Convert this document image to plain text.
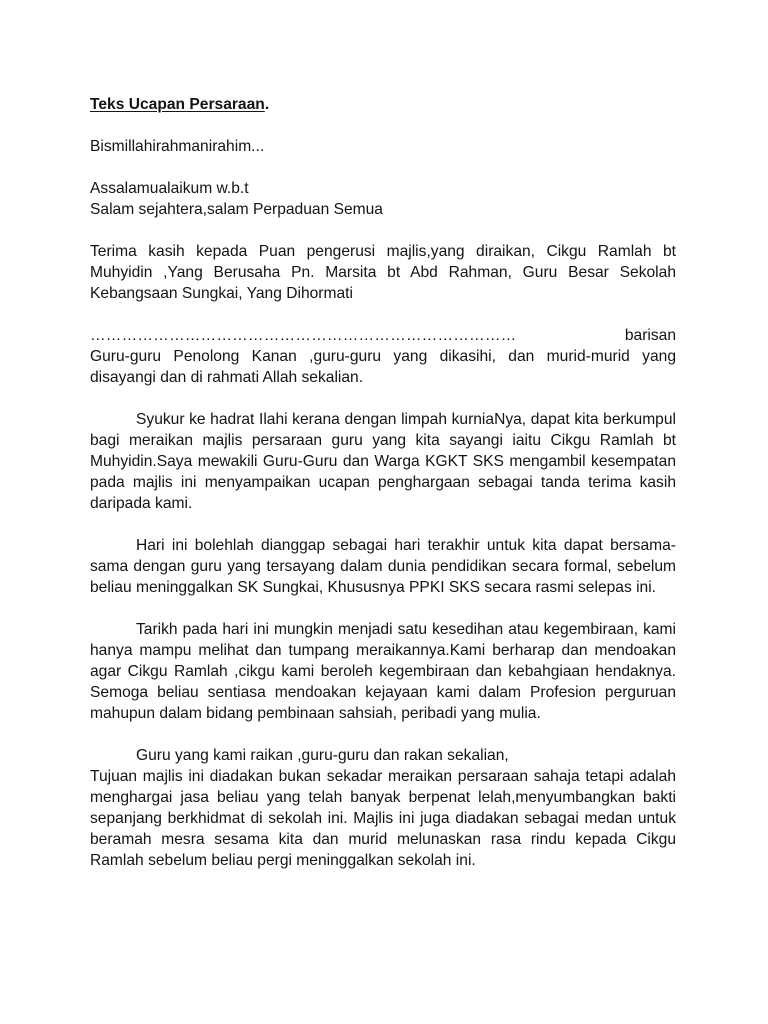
Teks Ucapan Persaraan.

Bismillahirahmanirahim...

Assalamualaikum w.b.t

Salam sejahtera,salam Perpaduan Semua

Terima kasih kepada Puan pengerusi majlis,yang diraikan, Cikgu Ramlah bt Muhyidin ,Yang Berusaha Pn. Marsita bt Abd Rahman, Guru Besar Sekolah Kebangsaan Sungkai, Yang Dihormati

………………………………………………………………………	barisan

Guru-guru Penolong Kanan ,guru-guru yang dikasihi, dan murid-murid yang disayangi dan di rahmati Allah sekalian.

Syukur ke hadrat Ilahi kerana dengan limpah kurniaNya, dapat kita berkumpul bagi meraikan majlis persaraan guru yang kita sayangi iaitu Cikgu Ramlah bt Muhyidin.Saya mewakili Guru-Guru dan Warga KGKT SKS mengambil kesempatan pada majlis ini menyampaikan ucapan penghargaan sebagai tanda terima kasih daripada kami.

Hari ini bolehlah dianggap sebagai hari terakhir untuk kita dapat bersama-sama dengan guru yang tersayang dalam dunia pendidikan secara formal, sebelum beliau meninggalkan SK Sungkai, Khususnya PPKI SKS secara rasmi selepas ini.

Tarikh pada hari ini mungkin menjadi satu kesedihan atau kegembiraan, kami hanya mampu melihat dan tumpang meraikannya.Kami berharap dan mendoakan agar Cikgu Ramlah ,cikgu kami beroleh kegembiraan dan kebahgiaan hendaknya. Semoga beliau sentiasa mendoakan kejayaan kami dalam Profesion perguruan mahupun dalam bidang pembinaan sahsiah, peribadi yang mulia.

Guru yang kami raikan ,guru-guru dan rakan sekalian,

Tujuan majlis ini diadakan bukan sekadar meraikan persaraan sahaja tetapi adalah menghargai jasa beliau yang telah banyak berpenat lelah,menyumbangkan bakti sepanjang berkhidmat di sekolah ini. Majlis ini juga diadakan sebagai medan untuk beramah mesra sesama kita dan murid melunaskan rasa rindu kepada Cikgu Ramlah sebelum beliau pergi meninggalkan sekolah ini.
